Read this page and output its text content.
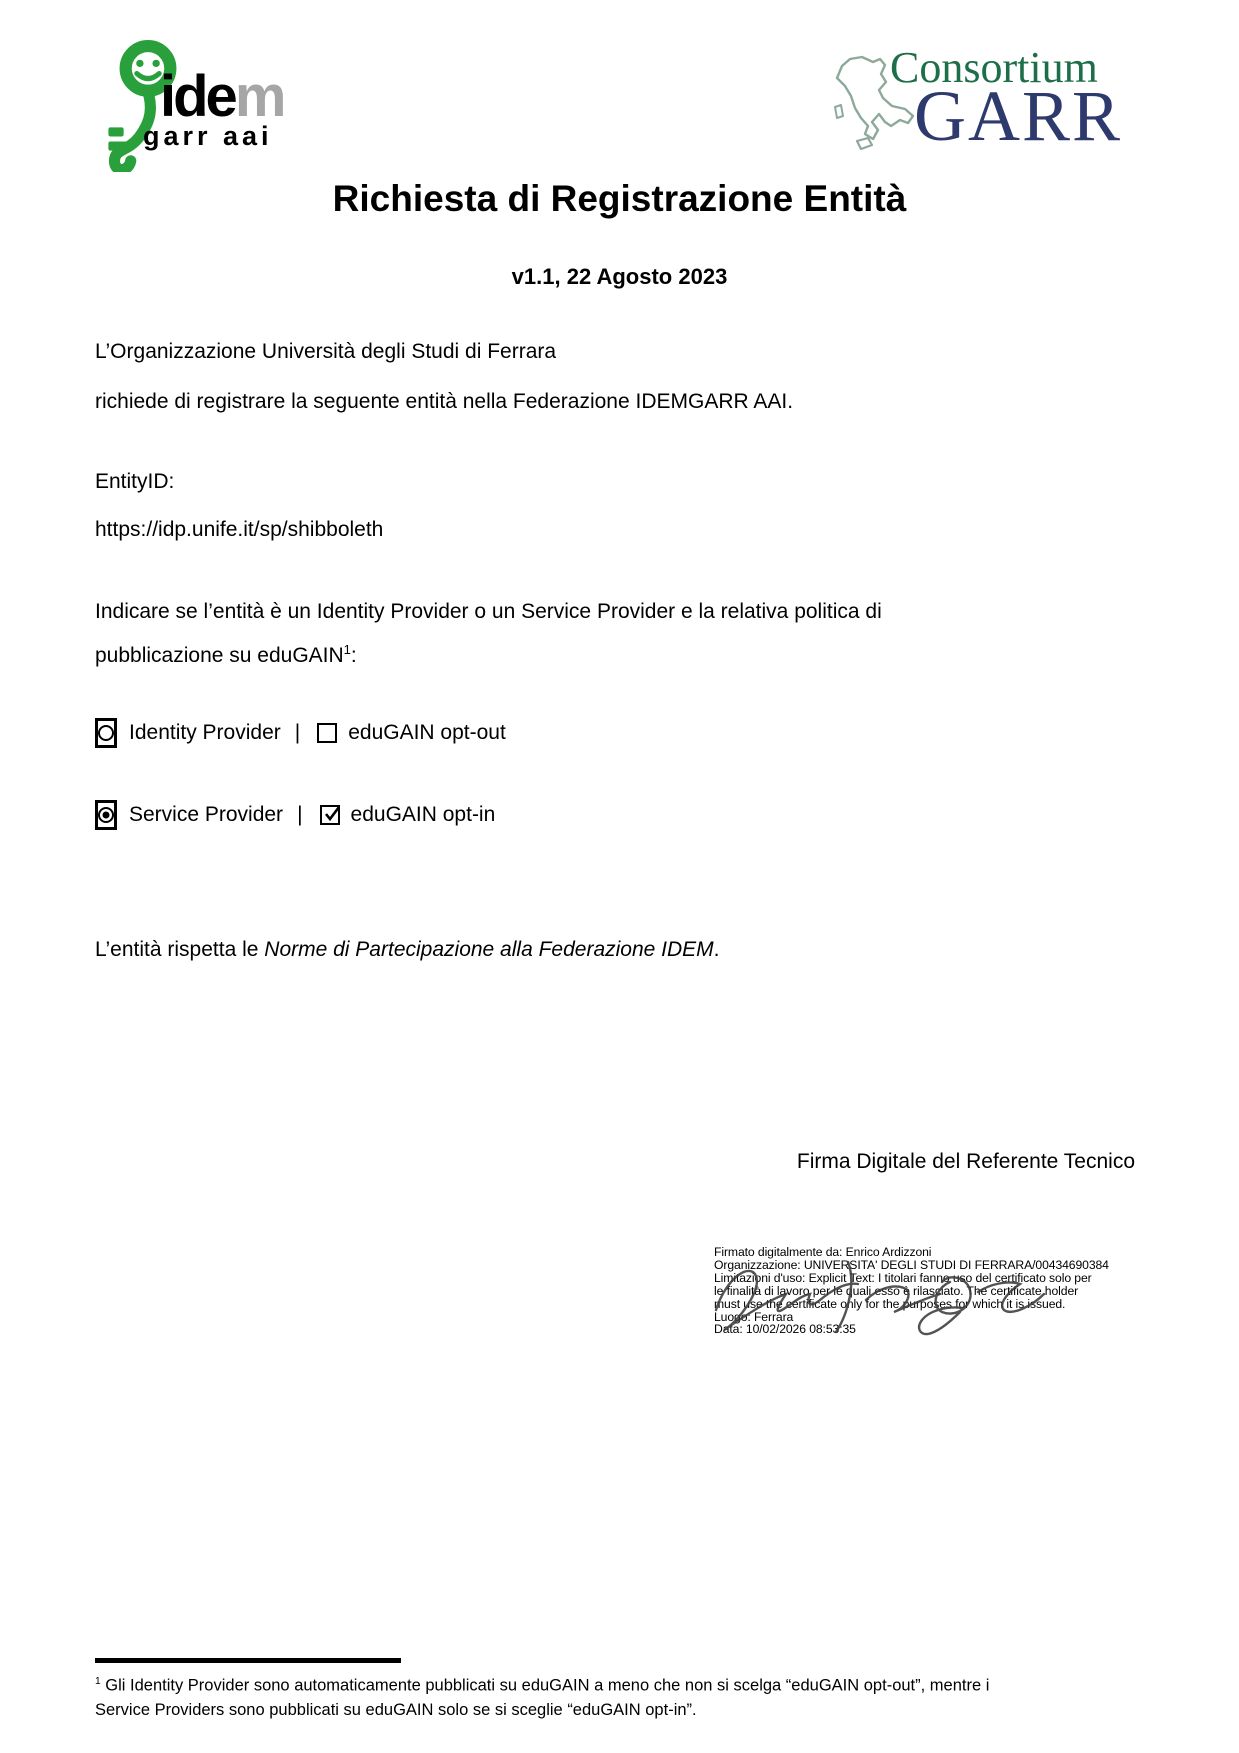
idem
garr aai
Consortium
GARR
Richiesta di Registrazione Entità
v1.1, 22 Agosto 2023
L’Organizzazione Università degli Studi di Ferrara
richiede di registrare la seguente entità nella Federazione IDEMGARR AAI.
EntityID:
https://idp.unife.it/sp/shibboleth
Indicare se l’entità è un Identity Provider o un Service Provider e la relativa politica di
pubblicazione su eduGAIN$^1$:
Identity Provider | eduGAIN opt-out
Service Provider | eduGAIN opt-in
L’entità rispetta le Norme di Partecipazione alla Federazione IDEM.
Firma Digitale del Referente Tecnico
Firmato digitalmente da: Enrico Ardizzoni
Organizzazione: UNIVERSITA' DEGLI STUDI DI FERRARA/00434690384
Limitazioni d'uso: Explicit Text: I titolari fanno uso del certificato solo per
le finalità di lavoro per le quali esso è rilasciato. The certificate holder
must use the certificate only for the purposes for which it is issued.
Luogo: Ferrara
Data: 10/02/2026 08:53:35
$^1$ Gli Identity Provider sono automaticamente pubblicati su eduGAIN a meno che non si scelga “eduGAIN opt-out”, mentre i
Service Providers sono pubblicati su eduGAIN solo se si sceglie “eduGAIN opt-in”.
